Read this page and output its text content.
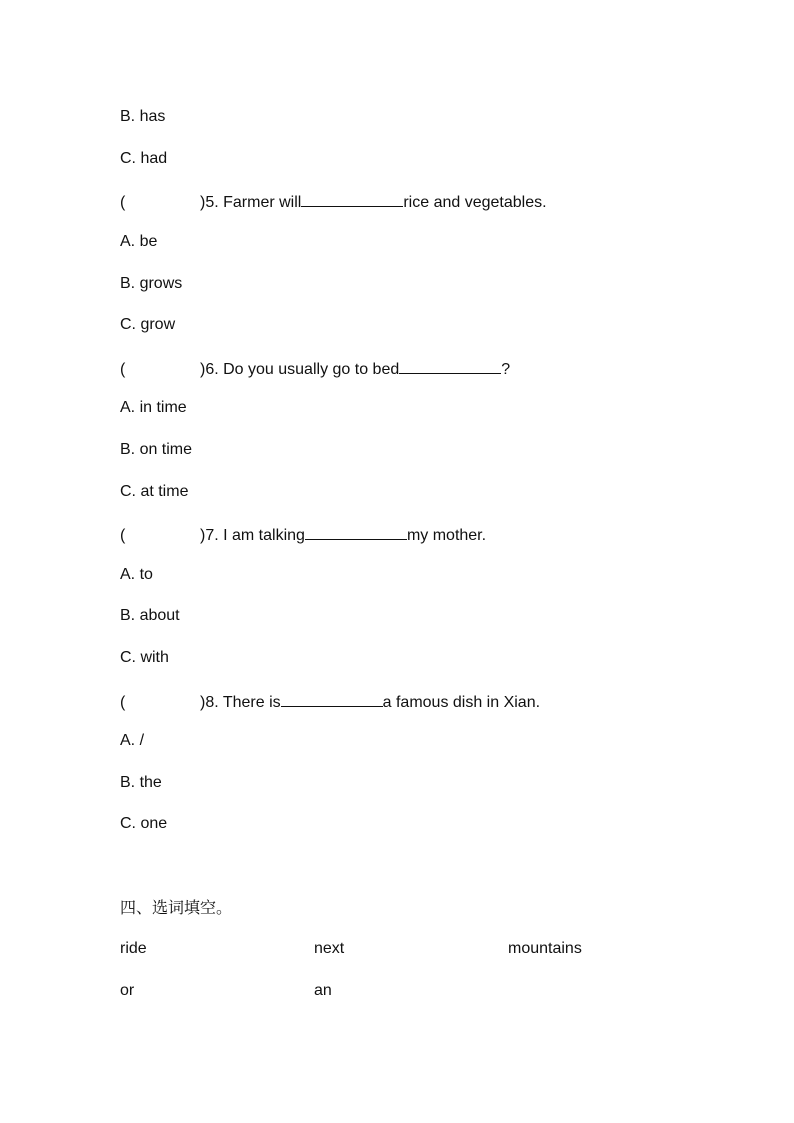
B. has
C. had
(	)5. Farmer will	rice and vegetables.
A. be
B. grows
C. grow
(	)6. Do you usually go to bed	?
A. in time
B. on time
C. at time
(	)7. I am talking	my mother.
A. to
B. about
C. with
(	)8. There is	a famous dish in Xian.
A. /
B. the
C. one
四、选词填空。
ride	next	mountains
or	an
